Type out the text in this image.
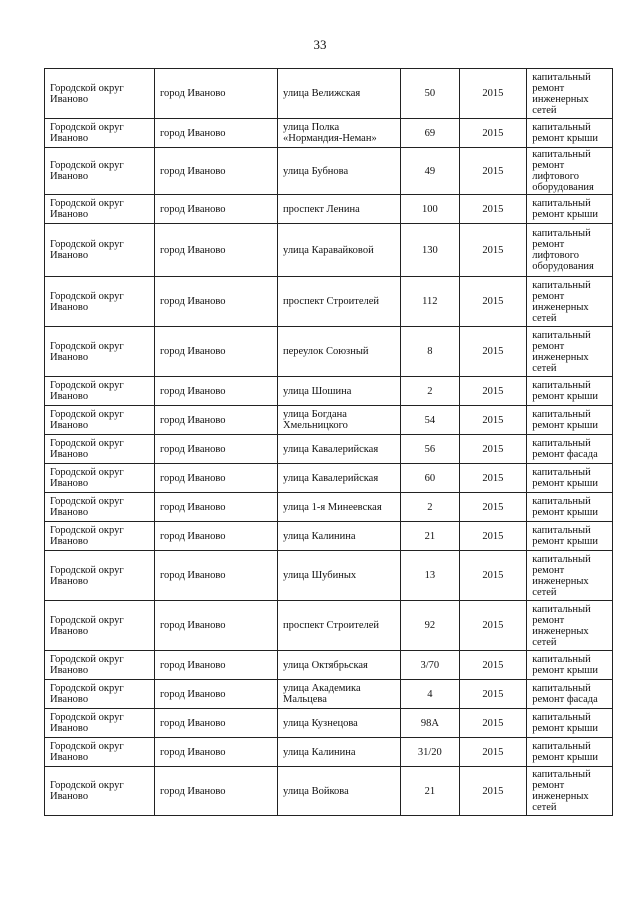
33
Городской округ Иваново	город Иваново	улица Велижская	50	2015	капитальный ремонт инженерных сетей
Городской округ Иваново	город Иваново	улица Полка «Нормандия-Неман»	69	2015	капитальный ремонт крыши
Городской округ Иваново	город Иваново	улица Бубнова	49	2015	капитальный ремонт лифтового оборудования
Городской округ Иваново	город Иваново	проспект Ленина	100	2015	капитальный ремонт крыши
Городской округ Иваново	город Иваново	улица Каравайковой	130	2015	капитальный ремонт лифтового оборудования
Городской округ Иваново	город Иваново	проспект Строителей	112	2015	капитальный ремонт инженерных сетей
Городской округ Иваново	город Иваново	переулок Союзный	8	2015	капитальный ремонт инженерных сетей
Городской округ Иваново	город Иваново	улица Шошина	2	2015	капитальный ремонт крыши
Городской округ Иваново	город Иваново	улица Богдана Хмельницкого	54	2015	капитальный ремонт крыши
Городской округ Иваново	город Иваново	улица Кавалерийская	56	2015	капитальный ремонт фасада
Городской округ Иваново	город Иваново	улица Кавалерийская	60	2015	капитальный ремонт крыши
Городской округ Иваново	город Иваново	улица 1-я Минеевская	2	2015	капитальный ремонт крыши
Городской округ Иваново	город Иваново	улица Калинина	21	2015	капитальный ремонт крыши
Городской округ Иваново	город Иваново	улица Шубиных	13	2015	капитальный ремонт инженерных сетей
Городской округ Иваново	город Иваново	проспект Строителей	92	2015	капитальный ремонт инженерных сетей
Городской округ Иваново	город Иваново	улица Октябрьская	3/70	2015	капитальный ремонт крыши
Городской округ Иваново	город Иваново	улица Академика Мальцева	4	2015	капитальный ремонт фасада
Городской округ Иваново	город Иваново	улица Кузнецова	98А	2015	капитальный ремонт крыши
Городской округ Иваново	город Иваново	улица Калинина	31/20	2015	капитальный ремонт крыши
Городской округ Иваново	город Иваново	улица Войкова	21	2015	капитальный ремонт инженерных сетей
